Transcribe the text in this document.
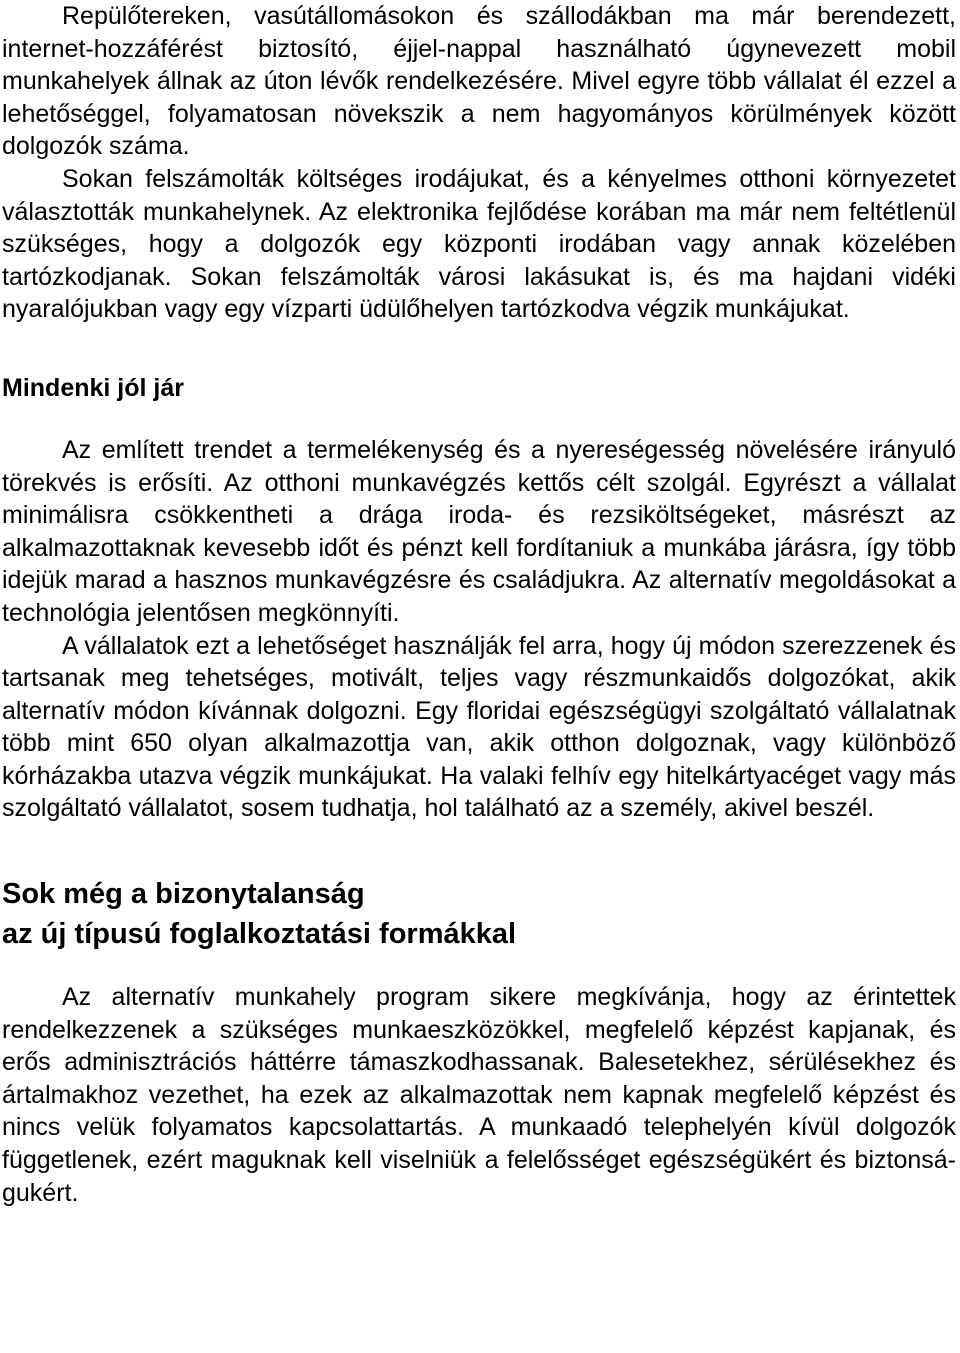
Repülőtereken, vasútállomásokon és szállodákban ma már berendezett, internet-hozzáférést biztosító, éjjel-nappal használható úgynevezett mobil munkahelyek állnak az úton lévők rendelkezésére. Mivel egyre több vállalat él ezzel a lehetőséggel, folyamatosan növekszik a nem hagyományos körülmények között dolgozók száma.

Sokan felszámolták költséges irodájukat, és a kényelmes otthoni környezetet választották munkahelynek. Az elektronika fejlődése korában ma már nem feltétlenül szükséges, hogy a dolgozók egy központi irodában vagy annak közelében tartózkodjanak. Sokan felszámolták városi lakásukat is, és ma hajdani vidéki nyaralójukban vagy egy vízparti üdülőhelyen tartózkodva végzik munkájukat.

Mindenki jól jár

Az említett trendet a termelékenység és a nyereségesség növelésére irányuló törekvés is erősíti. Az otthoni munkavégzés kettős célt szolgál. Egyrészt a vállalat minimálisra csökkentheti a drága iroda- és rezsiköltségeket, másrészt az alkalmazottaknak kevesebb időt és pénzt kell fordítaniuk a munkába járásra, így több idejük marad a hasznos munkavégzésre és családjukra. Az alternatív megoldásokat a technológia jelentősen megkönnyíti.

A vállalatok ezt a lehetőséget használják fel arra, hogy új módon szerezzenek és tartsanak meg tehetséges, motivált, teljes vagy részmunkaidős dolgozókat, akik alternatív módon kívánnak dolgozni. Egy floridai egészségügyi szolgáltató vállalatnak több mint 650 olyan alkalmazottja van, akik otthon dolgoznak, vagy különböző kórházakba utazva végzik munkájukat. Ha valaki felhív egy hitelkártyacéget vagy más szolgáltató vállalatot, sosem tudhatja, hol található az a személy, akivel beszél.

Sok még a bizonytalanság
az új típusú foglalkoztatási formákkal

Az alternatív munkahely program sikere megkívánja, hogy az érintettek rendelkezzenek a szükséges munkaeszközökkel, megfelelő képzést kapjanak, és erős adminisztrációs háttérre támaszkodhassanak. Balesetekhez, sérülésekhez és ártalmakhoz vezethet, ha ezek az alkalmazottak nem kapnak megfelelő képzést és nincs velük folyamatos kapcsolattartás. A munkaadó telephelyén kívül dolgozók függetlenek, ezért maguknak kell viselniük a felelősséget egészségükért és biztonságukért.
